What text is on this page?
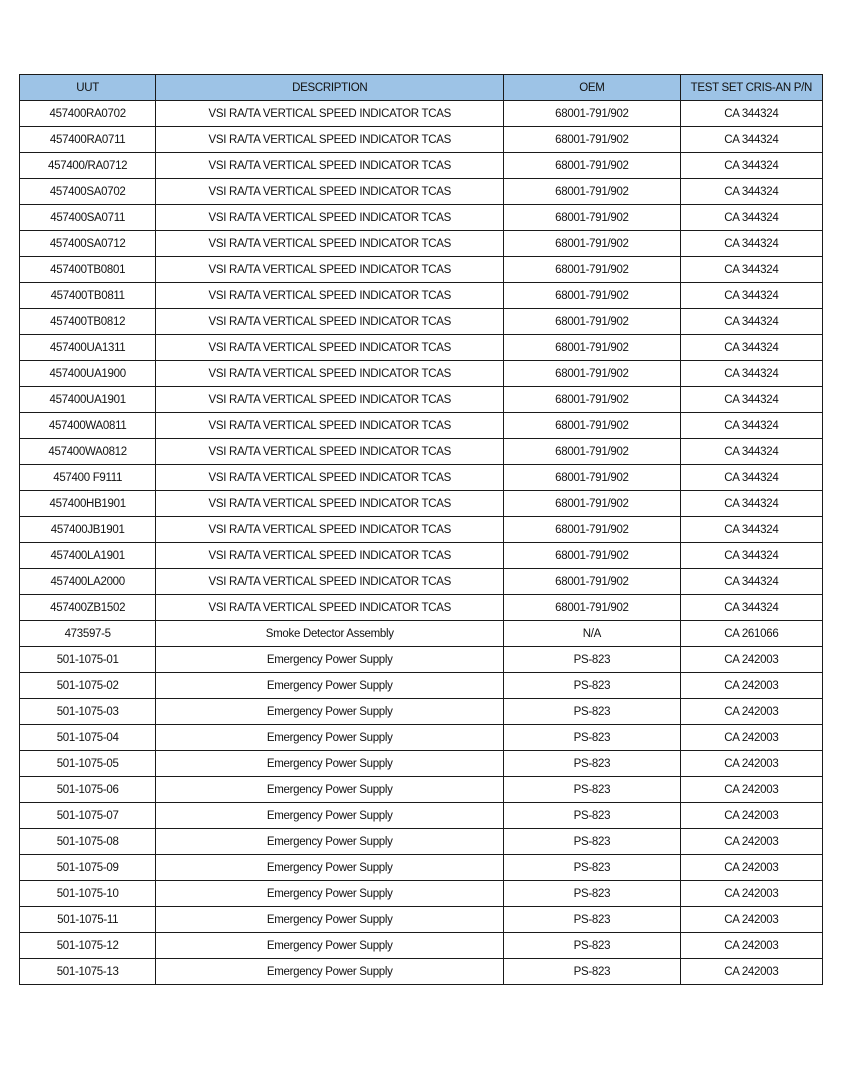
UUT	DESCRIPTION	OEM	TEST SET CRIS-AN P/N
457400RA0702	VSI RA/TA VERTICAL SPEED INDICATOR TCAS	68001-791/902	CA 344324
457400RA0711	VSI RA/TA VERTICAL SPEED INDICATOR TCAS	68001-791/902	CA 344324
457400/RA0712	VSI RA/TA VERTICAL SPEED INDICATOR TCAS	68001-791/902	CA 344324
457400SA0702	VSI RA/TA VERTICAL SPEED INDICATOR TCAS	68001-791/902	CA 344324
457400SA0711	VSI RA/TA VERTICAL SPEED INDICATOR TCAS	68001-791/902	CA 344324
457400SA0712	VSI RA/TA VERTICAL SPEED INDICATOR TCAS	68001-791/902	CA 344324
457400TB0801	VSI RA/TA VERTICAL SPEED INDICATOR TCAS	68001-791/902	CA 344324
457400TB0811	VSI RA/TA VERTICAL SPEED INDICATOR TCAS	68001-791/902	CA 344324
457400TB0812	VSI RA/TA VERTICAL SPEED INDICATOR TCAS	68001-791/902	CA 344324
457400UA1311	VSI RA/TA VERTICAL SPEED INDICATOR TCAS	68001-791/902	CA 344324
457400UA1900	VSI RA/TA VERTICAL SPEED INDICATOR TCAS	68001-791/902	CA 344324
457400UA1901	VSI RA/TA VERTICAL SPEED INDICATOR TCAS	68001-791/902	CA 344324
457400WA0811	VSI RA/TA VERTICAL SPEED INDICATOR TCAS	68001-791/902	CA 344324
457400WA0812	VSI RA/TA VERTICAL SPEED INDICATOR TCAS	68001-791/902	CA 344324
457400 F9111	VSI RA/TA VERTICAL SPEED INDICATOR TCAS	68001-791/902	CA 344324
457400HB1901	VSI RA/TA VERTICAL SPEED INDICATOR TCAS	68001-791/902	CA 344324
457400JB1901	VSI RA/TA VERTICAL SPEED INDICATOR TCAS	68001-791/902	CA 344324
457400LA1901	VSI RA/TA VERTICAL SPEED INDICATOR TCAS	68001-791/902	CA 344324
457400LA2000	VSI RA/TA VERTICAL SPEED INDICATOR TCAS	68001-791/902	CA 344324
457400ZB1502	VSI RA/TA VERTICAL SPEED INDICATOR TCAS	68001-791/902	CA 344324
473597-5	Smoke Detector Assembly	N/A	CA 261066
501-1075-01	Emergency Power Supply	PS-823	CA 242003
501-1075-02	Emergency Power Supply	PS-823	CA 242003
501-1075-03	Emergency Power Supply	PS-823	CA 242003
501-1075-04	Emergency Power Supply	PS-823	CA 242003
501-1075-05	Emergency Power Supply	PS-823	CA 242003
501-1075-06	Emergency Power Supply	PS-823	CA 242003
501-1075-07	Emergency Power Supply	PS-823	CA 242003
501-1075-08	Emergency Power Supply	PS-823	CA 242003
501-1075-09	Emergency Power Supply	PS-823	CA 242003
501-1075-10	Emergency Power Supply	PS-823	CA 242003
501-1075-11	Emergency Power Supply	PS-823	CA 242003
501-1075-12	Emergency Power Supply	PS-823	CA 242003
501-1075-13	Emergency Power Supply	PS-823	CA 242003
